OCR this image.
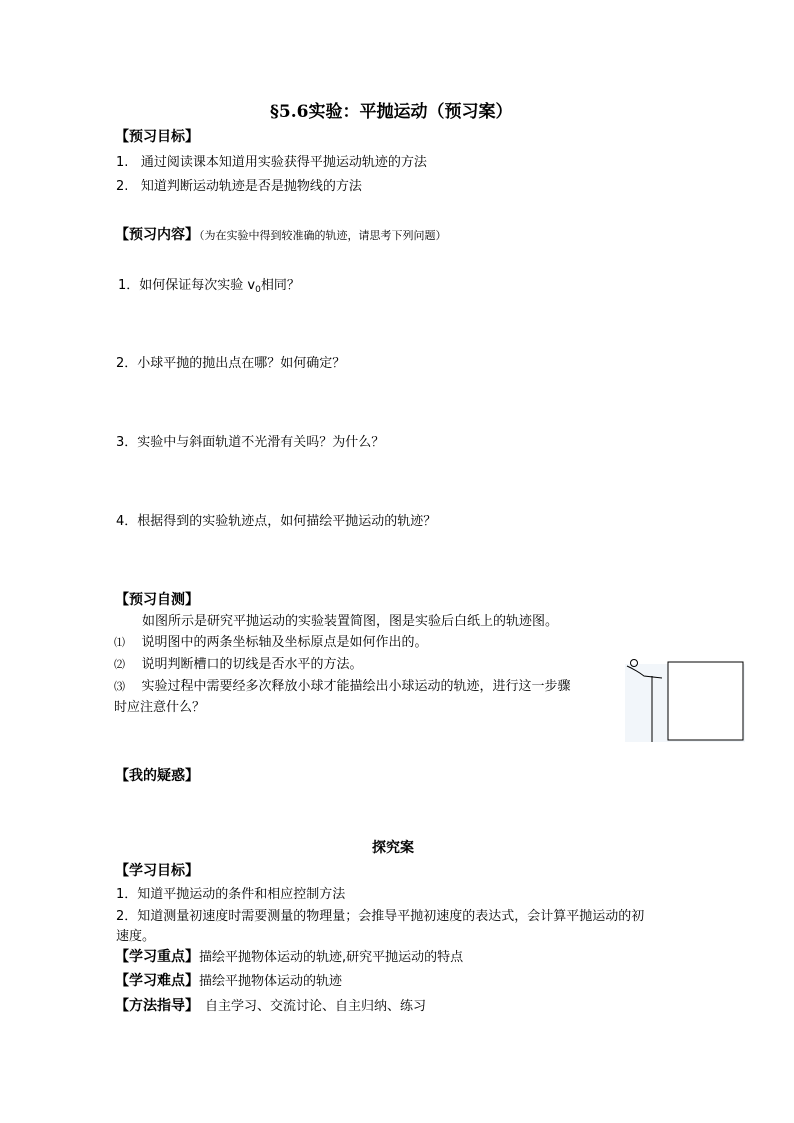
§5.6实验：平抛运动（预习案）
【预习目标】
1. 通过阅读课本知道用实验获得平抛运动轨迹的方法
2. 知道判断运动轨迹是否是抛物线的方法
【预习内容】（为在实验中得到较准确的轨迹，请思考下列问题）
1．如何保证每次实验 $v_0$相同？
2．小球平抛的抛出点在哪？如何确定？
3．实验中与斜面轨道不光滑有关吗？为什么？
4．根据得到的实验轨迹点，如何描绘平抛运动的轨迹？
【预习自测】
如图所示是研究平抛运动的实验装置简图，图是实验后白纸上的轨迹图。
⑴ 说明图中的两条坐标轴及坐标原点是如何作出的。
⑵ 说明判断槽口的切线是否水平的方法。
⑶ 实验过程中需要经多次释放小球才能描绘出小球运动的轨迹，进行这一步骤
时应注意什么？
【我的疑惑】
探究案
【学习目标】
1．知道平抛运动的条件和相应控制方法
2．知道测量初速度时需要测量的物理量；会推导平抛初速度的表达式，会计算平抛运动的初
速度。
【学习重点】描绘平抛物体运动的轨迹,研究平抛运动的特点
【学习难点】描绘平抛物体运动的轨迹
【方法指导】 自主学习、交流讨论、自主归纳、练习
